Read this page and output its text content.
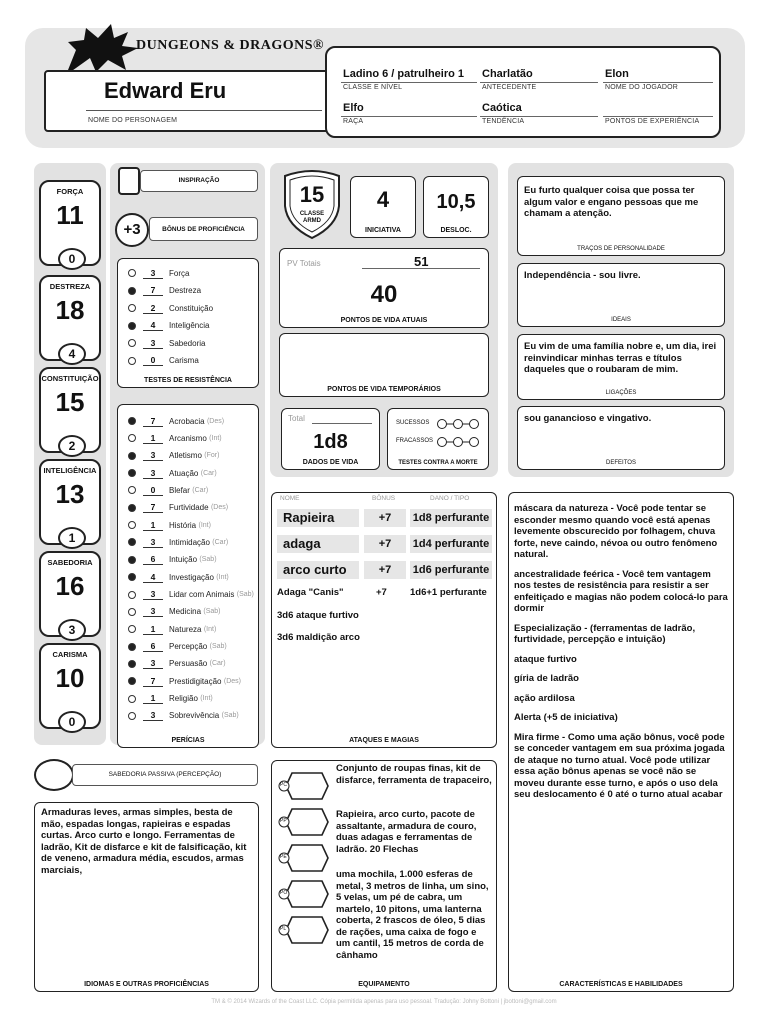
DUNGEONS & DRAGONS®
Edward Eru
NOME DO PERSONAGEM
Ladino 6 / patrulheiro 1
CLASSE E NÍVEL
Charlatão
ANTECEDENTE
Elon
NOME DO JOGADOR
Elfo
RAÇA
Caótica
TENDÊNCIA	PONTOS DE EXPERIÊNCIA
INSPIRAÇÃO
+3	BÔNUS DE PROFICIÊNCIA
3	Força
7	Destreza
2	Constituição
4	Inteligência
3	Sabedoria
0	Carisma
TESTES DE RESISTÊNCIA
7	Acrobacia
(Des)
1	Arcanismo
(Int)
3	Atletismo
(For)
3	Atuação
(Car)
0	Blefar
(Car)
7	Furtividade
(Des)
1	História
(Int)
3	Intimidação
(Car)
6	Intuição
(Sab)
4	Investigação
(Int)
3	Lidar com Animais
(Sab)
3	Medicina
(Sab)
1	Natureza
(Int)
6	Percepção
(Sab)
3	Persuasão
(Car)
7	Prestidigitação
(Des)
1	Religião
(Int)
3	Sobrevivência
(Sab)
PERÍCIAS
SABEDORIA PASSIVA (PERCEPÇÃO)
Armaduras leves, armas simples, besta de mão, espadas longas, rapieiras e espadas curtas. Arco curto e longo. Ferramentas de ladrão, Kit de disfarce e kit de falsificação, kit de veneno, armadura média, escudos, armas marciais,
IDIOMAS E OUTRAS PROFICIÊNCIAS
15
CLASSE ARMD
4
INICIATIVA
10,5
DESLOC.
PV Totais	51
40
PONTOS DE VIDA ATUAIS
PONTOS DE VIDA TEMPORÁRIOS
Total
1d8
DADOS DE VIDA
SUCESSOS
FRACASSOS
TESTES CONTRA A MORTE
NOME	BÔNUS	DANO / TIPO
Rapieira	+7	1d8 perfurante
adaga	+7	1d4 perfurante
arco curto	+7	1d6 perfurante
Adaga "Canis"	+7 1d6+1 perfurante
3d6 ataque furtivo
3d6 maldição arco
ATAQUES E MAGIAS
PC
PP
PE
PO
PL
Conjunto de roupas finas, kit de disfarce, ferramenta de trapaceiro,
Rapieira, arco curto, pacote de assaltante, armadura de couro, duas adagas e ferramentas de ladrão. 20 Flechas
uma mochila, 1.000 esferas de metal, 3 metros de linha, um sino, 5 velas, um pé de cabra, um martelo, 10 pitons, uma lanterna coberta, 2 frascos de óleo, 5 dias de rações, uma caixa de fogo e um cantil, 15 metros de corda de cânhamo
EQUIPAMENTO
Eu furto qualquer coisa que possa ter algum valor e engano pessoas que me chamam a atenção.
TRAÇOS DE PERSONALIDADE
Independência - sou livre.
IDEAIS
Eu vim de uma família nobre e, um dia, irei reinvindicar minhas terras e títulos daqueles que o roubaram de mim.
LIGAÇÕES
sou ganancioso e vingativo.
DEFEITOS

máscara da natureza - Você pode tentar se esconder mesmo quando você está apenas levemente obscurecido por folhagem, chuva forte, neve caindo, névoa ou outro fenômeno natural.

ancestralidade feérica - Você tem vantagem nos testes de resistência para resistir a ser enfeitiçado e magias não podem colocá-lo para dormir

Especialização - (ferramentas de ladrão, furtividade, percepção e intuição)

ataque furtivo

gíria de ladrão

ação ardilosa

Alerta (+5 de iniciativa)

Mira firme - Como uma ação bônus, você pode se conceder vantagem em sua próxima jogada de ataque no turno atual. Você pode utilizar essa ação bônus apenas se você não se moveu durante esse turno, e após o uso dela seu deslocamento é 0 até o turno atual acabar

CARACTERÍSTICAS E HABILIDADES
TM & © 2014 Wizards of the Coast LLC. Cópia permitida apenas para uso pessoal. Tradução: Johny Bottoni | jbottoni@gmail.com
FORÇA
11
0
DESTREZA
18
4
CONSTITUIÇÃO
15
2
INTELIGÊNCIA
13
1
SABEDORIA
16
3
CARISMA
10
0
